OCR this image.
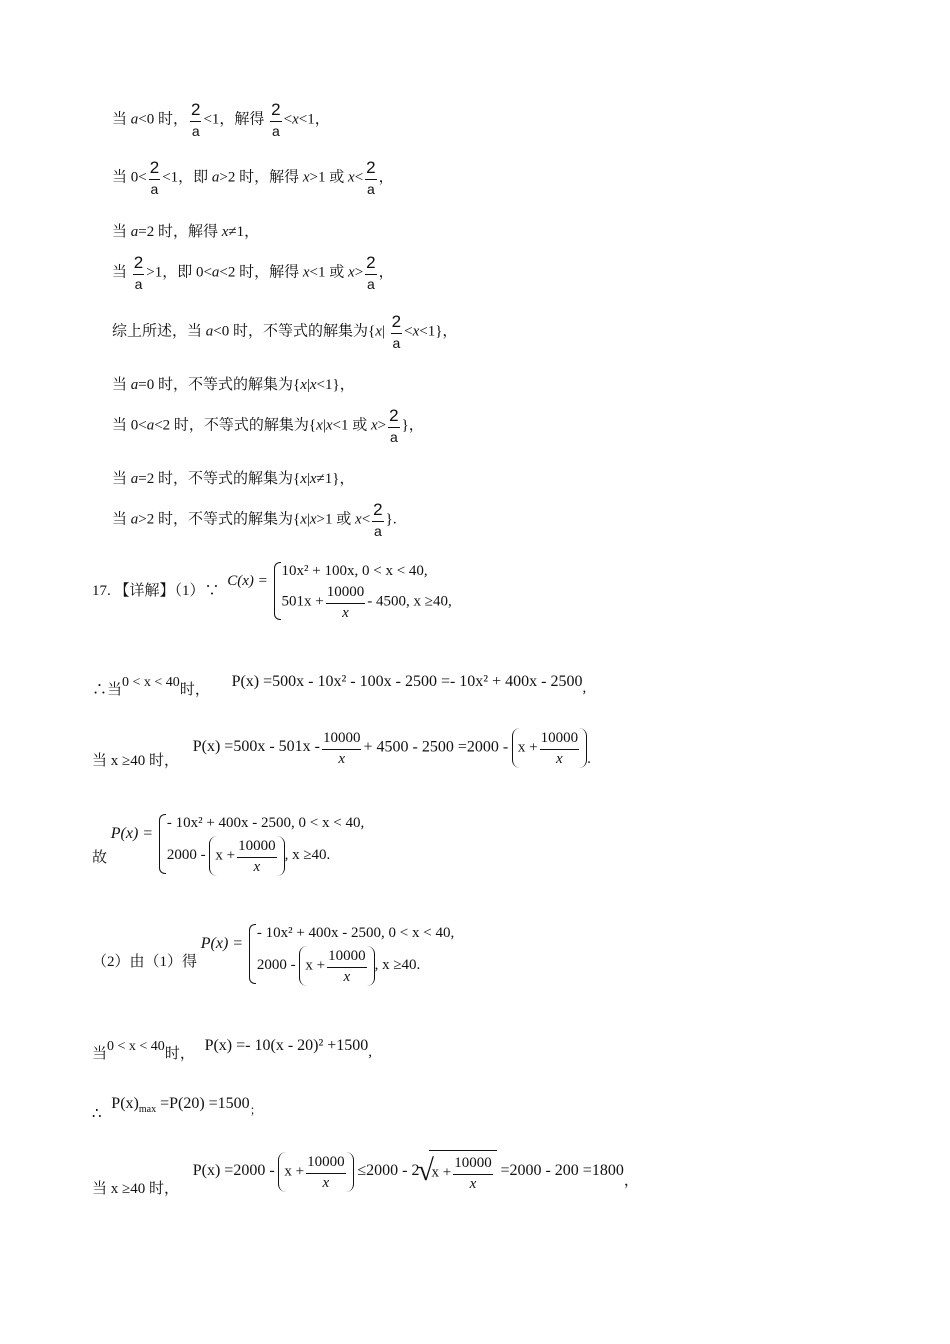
当 a<0 时，
2
a
<1，解得
2
a
<x<1，
当 0<
2
a
<1，即 a>2 时，解得 x>1 或 x<
2
a
，
当 a=2 时，解得 x≠1，
当
2
a
>1，即 0<a<2 时，解得 x<1 或 x>
2
a
，
综上所述，当 a<0 时，不等式的解集为{x|
2
a
<x<1}，
当 a=0 时，不等式的解集为{x|x<1}，
当 0<a<2 时，不等式的解集为{x|x<1 或 x>
2
a
}，
当 a=2 时，不等式的解集为{x|x≠1}，
当 a>2 时，不等式的解集为{x|x>1 或 x<
2
a
}.
17. 【详解】（1）∵ C(x) =
10x² + 100x, 0 < x < 40,
$501x + \frac{10000}{x} - 4500$, x ≥40,
∴当0 < x < 40时， P(x) =500x - 10x² - 100x - 2500 =- 10x² + 400x - 2500,
当 x ≥40 时， $P(x) =500x - 501x - \frac{10000}{x} + 4500 - 2500 =2000 - x + \frac{10000}{x}$ .
故 P(x) =
- 10x² + 400x - 2500, 0 < x < 40,
$2000 - x + \frac{10000}{x}$ , x ≥40.
（2）由（1）得 P(x) =
- 10x² + 400x - 2500, 0 < x < 40,
$2000 - x + \frac{10000}{x}$ , x ≥40.
当0 < x < 40时， P(x) =- 10(x - 20)² +1500,
∴ $P(x)_{max} =P(20) =1500_;$
当 x ≥40 时， $P(x) =2000 - x + \frac{10000}{x} \le 2000 - 2√$ $x + \frac{10000}{x} =2000 - 200 =1800$，
